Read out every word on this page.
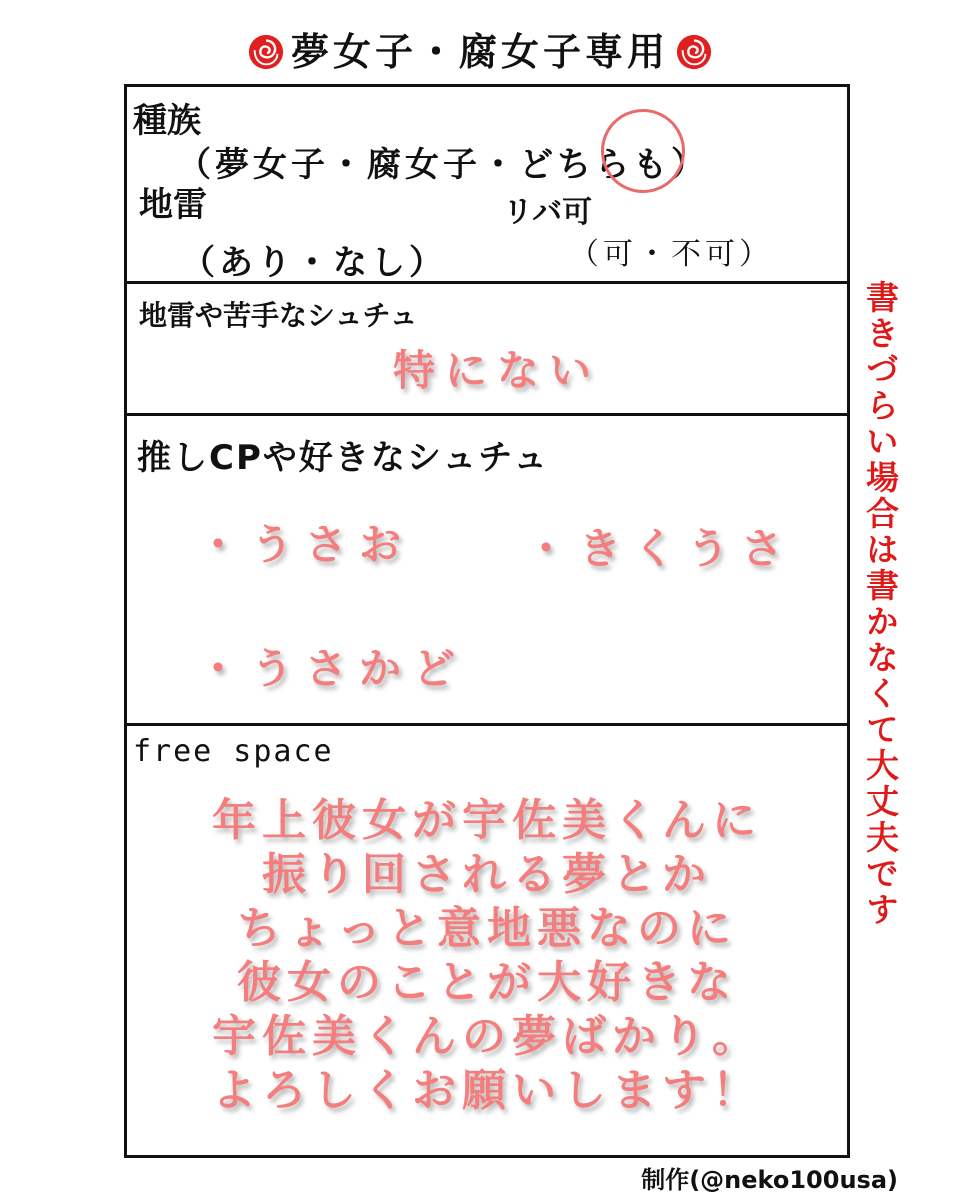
夢女子・腐女子専用
種族
（夢女子・腐女子・どちらも）
地雷	リバ可
（あり・なし）	（可・不可）
地雷や苦手なシュチュ
特にない
推しCPや好きなシュチュ
・うさお	・きくうさ
・うさかど
free space
年上彼女が宇佐美くんに
振り回される夢とか
ちょっと意地悪なのに
彼女のことが大好きな
宇佐美くんの夢ばかり。
よろしくお願いします！
書きづらい場合は書かなくて大丈夫です
制作(@neko100usa)
